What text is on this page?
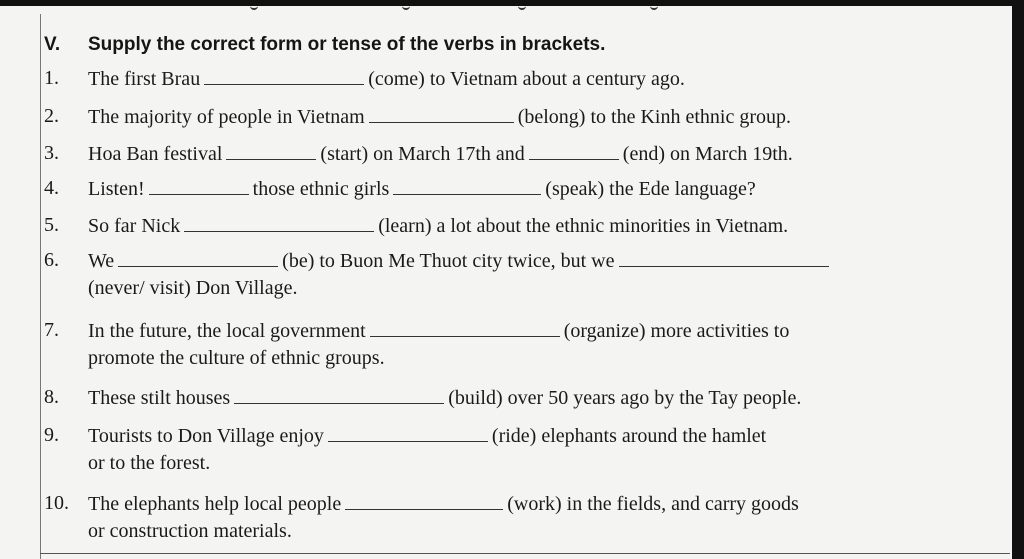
V. Supply the correct form or tense of the verbs in brackets.
1. The first Brau	(come) to Vietnam about a century ago.
2. The majority of people in Vietnam	(belong) to the Kinh ethnic group.
3. Hoa Ban festival	(start) on March 17th and	(end) on March 19th.
4. Listen!	those ethnic girls	(speak) the Ede language?
5. So far Nick	(learn) a lot about the ethnic minorities in Vietnam.
6. We	(be) to Buon Me Thuot city twice, but we
(never/ visit) Don Village.
7. In the future, the local government	(organize) more activities to
promote the culture of ethnic groups.
8. These stilt houses	(build) over 50 years ago by the Tay people.
9. Tourists to Don Village enjoy	(ride) elephants around the hamlet
or to the forest.
10. The elephants help local people	(work) in the fields, and carry goods
or construction materials.
